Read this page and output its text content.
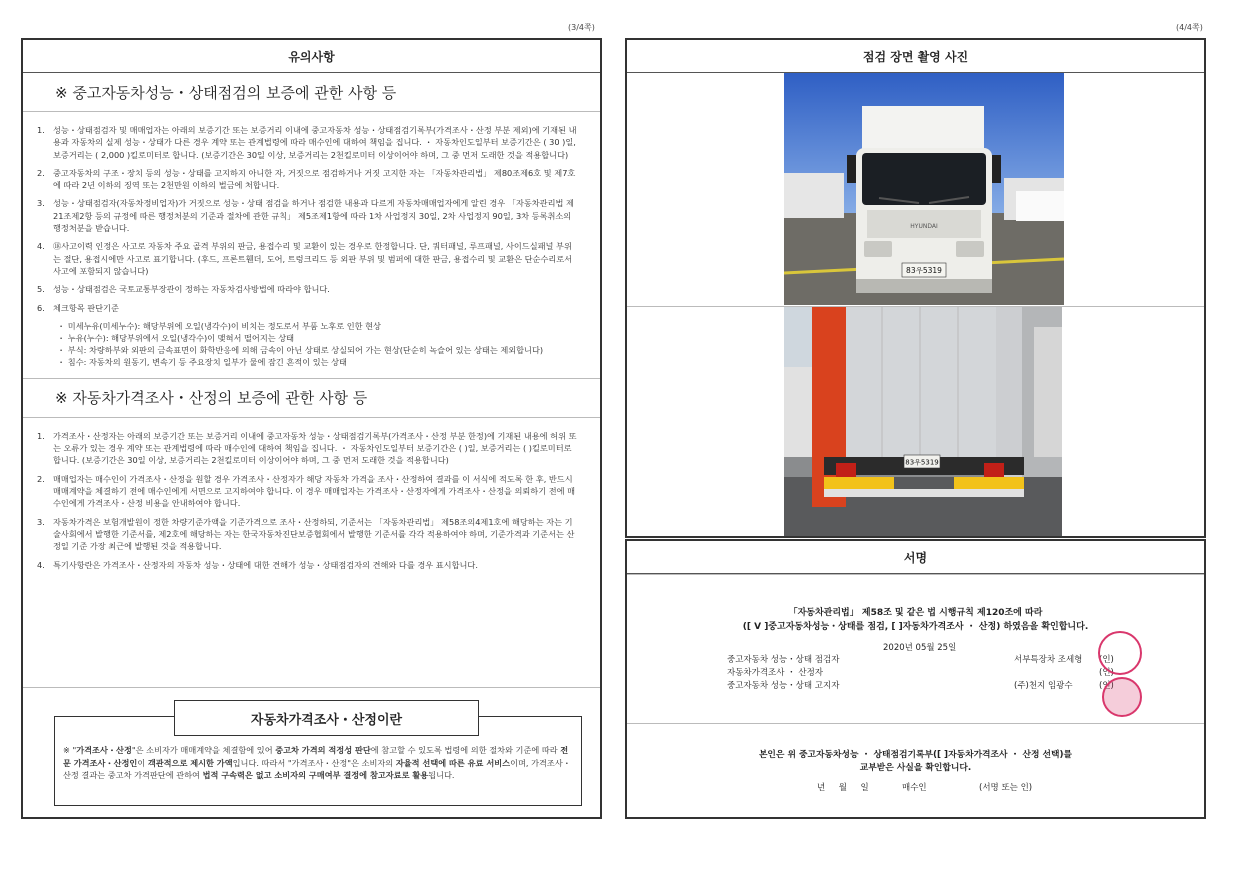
(3/4쪽)
유의사항
※ 중고자동차성능・상태점검의 보증에 관한 사항 등
1. 성능・상태점검자 및 매매업자는 아래의 보증기간 또는 보증거리 이내에 중고자동차 성능・상태점검기록부(가격조사・산정 부분 제외)에 기재된 내용과 자동차의 실제 성능・상태가 다른 경우 계약 또는 관계법령에 따라 매수인에 대하여 책임을 집니다. ・ 자동차인도일부터 보증기간은 ( 30 )일, 보증거리는 ( 2,000 )킬로미터로 합니다. (보증기간은 30일 이상, 보증거리는 2천킬로미터 이상이어야 하며, 그 중 먼저 도래한 것을 적용합니다)
2. 중고자동차의 구조・장치 등의 성능・상태를 고지하지 아니한 자, 거짓으로 점검하거나 거짓 고지한 자는 「자동차관리법」 제80조제6호 및 제7호에 따라 2년 이하의 징역 또는 2천만원 이하의 벌금에 처합니다.
3. 성능・상태점검자(자동차정비업자)가 거짓으로 성능・상태 점검을 하거나 점검한 내용과 다르게 자동차매매업자에게 알린 경우 「자동차관리법 제21조제2항 등의 규정에 따른 행정처분의 기준과 절차에 관한 규칙」 제5조제1항에 따라 1차 사업정지 30일, 2차 사업정지 90일, 3차 등록취소의 행정처분을 받습니다.
4. ⑱사고이력 인정은 사고로 자동차 주요 골격 부위의 판금, 용접수리 및 교환이 있는 경우로 한정합니다. 단, 쿼터패널, 루프패널, 사이드실패널 부위는 절단, 용접시에만 사고로 표기합니다. (후드, 프론트휀더, 도어, 트렁크리드 등 외판 부위 및 범퍼에 대한 판금, 용접수리 및 교환은 단순수리로서 사고에 포함되지 않습니다)
5. 성능・상태점검은 국토교통부장관이 정하는 자동차검사방법에 따라야 합니다.
6. 체크항목 판단기준
・ 미세누유(미세누수): 해당부위에 오일(냉각수)이 비치는 정도로서 부품 노후로 인한 현상
・ 누유(누수): 해당부위에서 오일(냉각수)이 맺혀서 떨어지는 상태
・ 부식: 차량하부와 외판의 금속표면이 화학반응에 의해 금속이 아닌 상태로 상실되어 가는 현상(단순히 녹슬어 있는 상태는 제외합니다)
・ 침수: 자동차의 원동기, 변속기 등 주요장치 일부가 물에 잠긴 흔적이 있는 상태
※ 자동차가격조사・산정의 보증에 관한 사항 등
1. 가격조사・산정자는 아래의 보증기간 또는 보증거리 이내에 중고자동차 성능・상태점검기록부(가격조사・산정 부분 한정)에 기재된 내용에 허위 또는 오류가 있는 경우 계약 또는 관계법령에 따라 매수인에 대하여 책임을 집니다. ・ 자동차인도일부터 보증기간은 ( )일, 보증거리는 ( )킬로미터로 합니다. (보증기간은 30일 이상, 보증거리는 2천킬로미터 이상이어야 하며, 그 중 먼저 도래한 것을 적용합니다)
2. 매매업자는 매수인이 가격조사・산정을 원할 경우 가격조사・산정자가 해당 자동차 가격을 조사・산정하여 결과를 이 서식에 적도록 한 후, 반드시 매매계약을 체결하기 전에 매수인에게 서면으로 고지하여야 합니다. 이 경우 매매업자는 가격조사・산정자에게 가격조사・산정을 의뢰하기 전에 매수인에게 가격조사・산정 비용을 안내하여야 합니다.
3. 자동차가격은 보험개발원이 정한 차량기준가액을 기준가격으로 조사・산정하되, 기준서는 「자동차관리법」 제58조의4제1호에 해당하는 자는 기술사회에서 발행한 기준서를, 제2호에 해당하는 자는 한국자동차진단보증협회에서 발행한 기준서를 각각 적용하여야 하며, 기준가격과 기준서는 산정일 기준 가장 최근에 발행된 것을 적용합니다.
4. 특기사항란은 가격조사・산정자의 자동차 성능・상태에 대한 견해가 성능・상태점검자의 견해와 다를 경우 표시합니다.
자동차가격조사・산정이란
※ "가격조사・산정"은 소비자가 매매계약을 체결함에 있어 중고차 가격의 적정성 판단에 참고할 수 있도록 법령에 의한 절차와 기준에 따라 전문 가격조사・산정인이 객관적으로 제시한 가액입니다. 따라서 "가격조사・산정"은 소비자의 자율적 선택에 따른 유료 서비스이며, 가격조사・산정 결과는 중고차 가격판단에 관하여 법적 구속력은 없고 소비자의 구매여부 결정에 참고자료로 활용됩니다.
(4/4쪽)
점검 장면 촬영 사진
HYUNDAI
83우5319
83우5319
서명
「자동차관리법」 제58조 및 같은 법 시행규칙 제120조에 따라
([ V ]중고자동차성능・상태를 점검, [ ]자동차가격조사 ・ 산정) 하였음을 확인합니다.
2020년 05월 25일
중고자동차 성능・상태 점검자	서부특장차 조세형 (인)
자동차가격조사 ・ 산정자	(인)
중고자동차 성능・상태 고지자	(주)천지 임광수	(인)
본인은 위 중고자동차성능 ・ 상태점검기록부([ ]자동차가격조사 ・ 산정 선택)를
교부받은 사실을 확인합니다.
년     월     일	매수인	(서명 또는 인)
